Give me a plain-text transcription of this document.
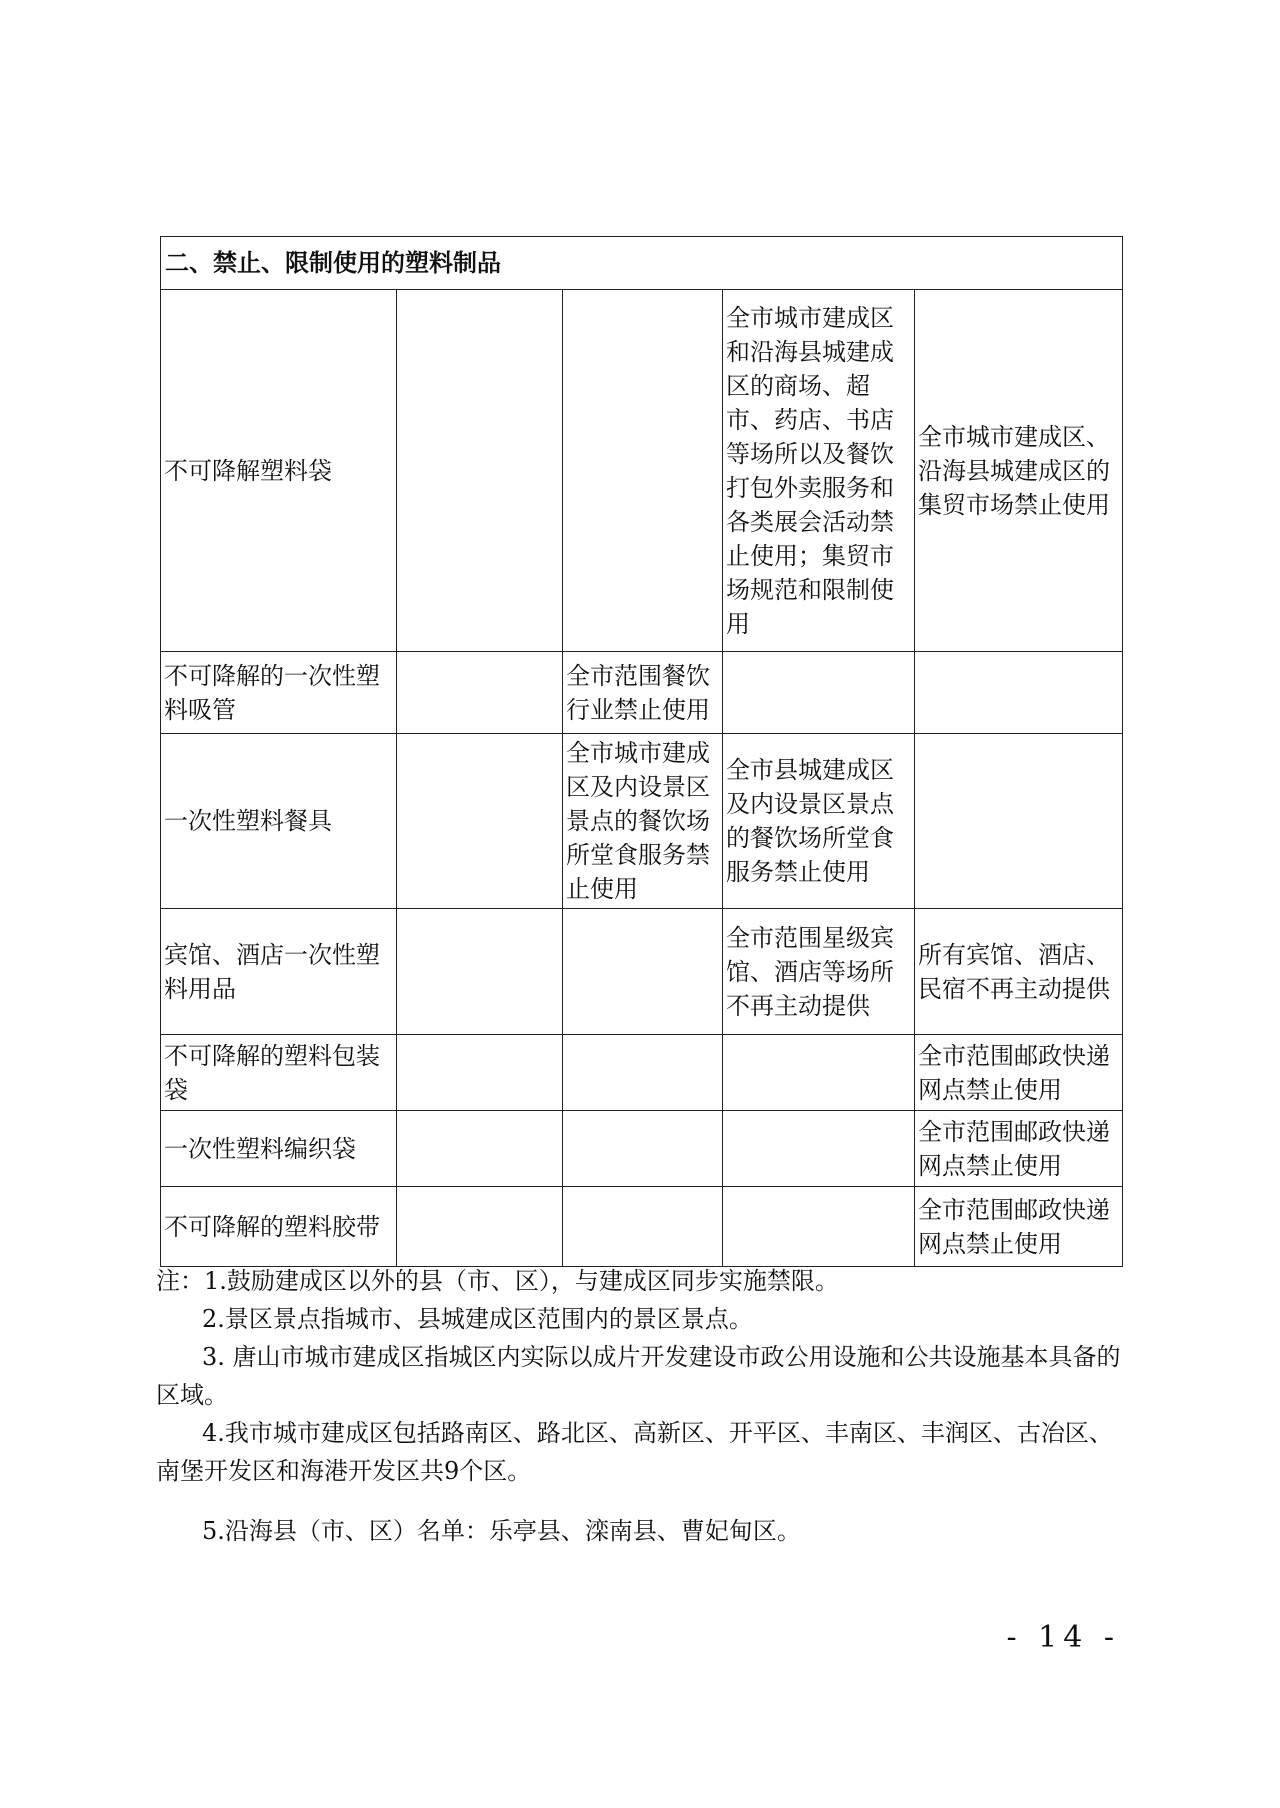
二、禁止、限制使用的塑料制品				
不可降解塑料袋			全市城市建成区和沿海县城建成区的商场、超市、药店、书店等场所以及餐饮打包外卖服务和各类展会活动禁止使用；集贸市场规范和限制使用	全市城市建成区、沿海县城建成区的集贸市场禁止使用
不可降解的一次性塑料吸管		全市范围餐饮行业禁止使用		
一次性塑料餐具		全市城市建成区及内设景区景点的餐饮场所堂食服务禁止使用	全市县城建成区及内设景区景点的餐饮场所堂食服务禁止使用	
宾馆、酒店一次性塑料用品			全市范围星级宾馆、酒店等场所不再主动提供	所有宾馆、酒店、民宿不再主动提供
不可降解的塑料包装袋				全市范围邮政快递网点禁止使用
一次性塑料编织袋				全市范围邮政快递网点禁止使用
不可降解的塑料胶带				全市范围邮政快递网点禁止使用

注：1.鼓励建成区以外的县（市、区），与建成区同步实施禁限。

2.景区景点指城市、县城建成区范围内的景区景点。

3. 唐山市城市建成区指城区内实际以成片开发建设市政公用设施和公共设施基本具备的区域。

4.我市城市建成区包括路南区、路北区、高新区、开平区、丰南区、丰润区、古冶区、南堡开发区和海港开发区共9个区。

5.沿海县（市、区）名单：乐亭县、滦南县、曹妃甸区。

- 14 -
